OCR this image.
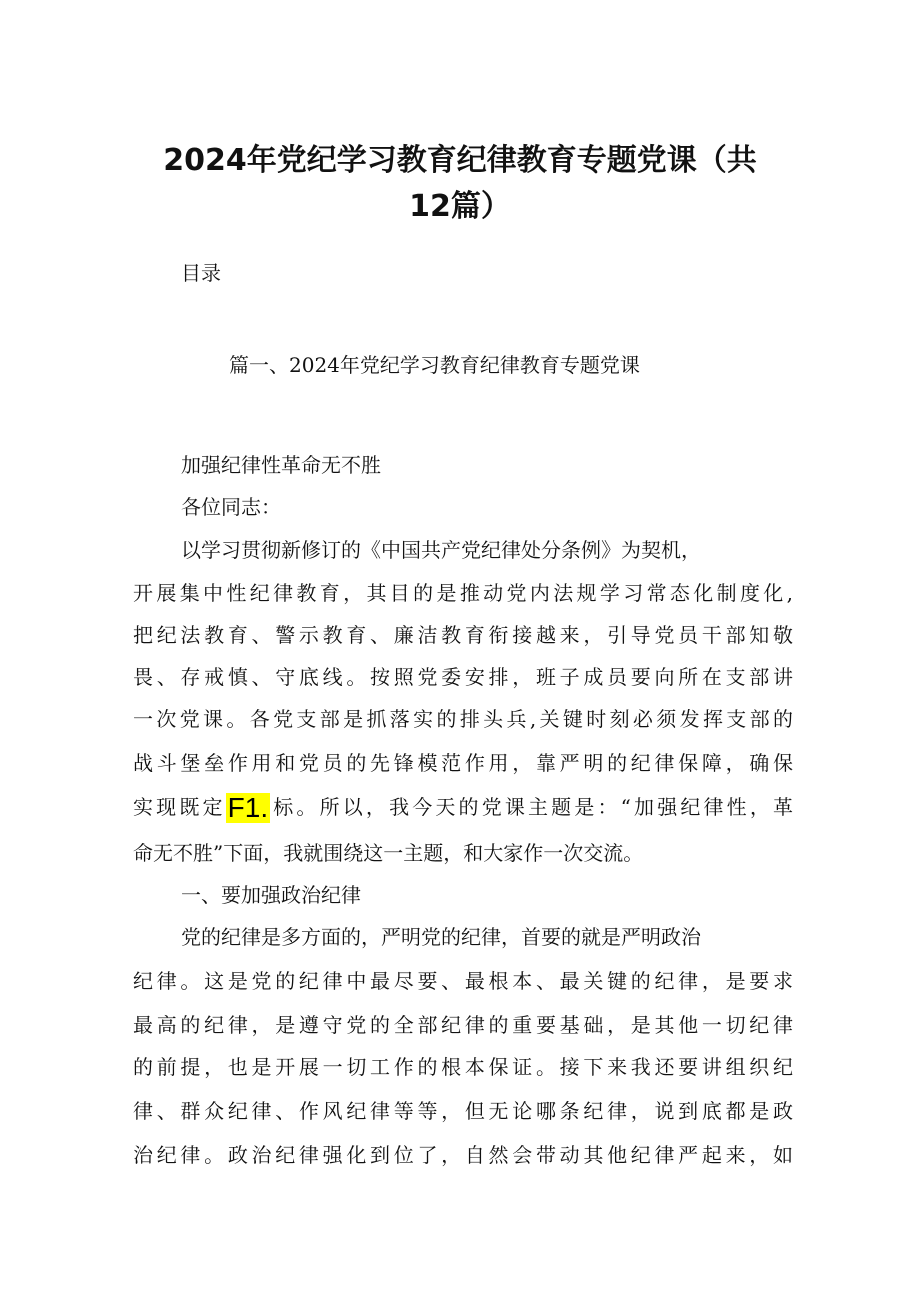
2024年党纪学习教育纪律教育专题党课（共
12篇）

目录

篇一、2024年党纪学习教育纪律教育专题党课

加强纪律性革命无不胜

各位同志：

以学习贯彻新修订的《中国共产党纪律处分条例》为契机，

开展集中性纪律教育，其目的是推动党内法规学习常态化制度化,

把纪法教育、警示教育、廉洁教育衔接越来，引导党员干部知敬

畏、存戒慎、守底线。按照党委安排，班子成员要向所在支部讲

一次党课。各党支部是抓落实的排头兵,关键时刻必须发挥支部的

战斗堡垒作用和党员的先锋模范作用，靠严明的纪律保障，确保

实现既定F1. 标。所以，我今天的党课主题是：“加强纪律性，革

命无不胜”下面，我就围绕这一主题，和大家作一次交流。

一、要加强政治纪律

党的纪律是多方面的，严明党的纪律，首要的就是严明政治

纪律。这是党的纪律中最尽要、最根本、最关键的纪律，是要求

最高的纪律，是遵守党的全部纪律的重要基础，是其他一切纪律

的前提，也是开展一切工作的根本保证。接下来我还要讲组织纪

律、群众纪律、作风纪律等等，但无论哪条纪律，说到底都是政

治纪律。政治纪律强化到位了，自然会带动其他纪律严起来，如
